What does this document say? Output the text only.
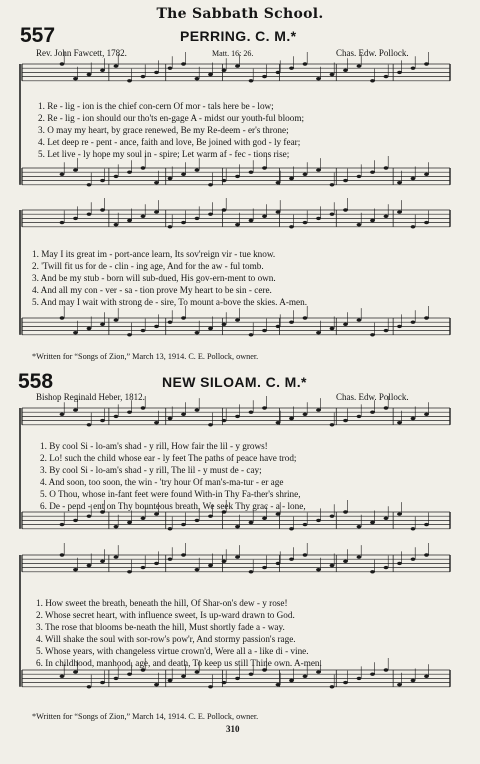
The Sabbath School.
557	PERRING. C. M.*
Rev. John Fawcett, 1782.	Matt. 16: 26.	Chas. Edw. Pollock.
1. Re - lig - ion is the chief con-cern Of mor - tals here be - low;
2. Re - lig - ion should our tho'ts en-gage A - midst our youth-ful bloom;
3. O may my heart, by grace renewed, Be my Re-deem - er's throne;
4. Let deep re - pent - ance, faith and love, Be joined with god - ly fear;
5. Let live - ly hope my soul in - spire; Let warm af - fec - tions rise;
1. May I its great im - port-ance learn, Its sov'reign vir - tue know.
2. 'Twill fit us for de - clin - ing age, And for the aw - ful tomb.
3. And be my stub - born will sub-dued, His gov-ern-ment to own.
4. And all my con - ver - sa - tion prove My heart to be sin - cere.
5. And may I wait with strong de - sire, To mount a-bove the skies. A-men.
*Written for “Songs of Zion,” March 13, 1914. C. E. Pollock, owner.
558	NEW SILOAM. C. M.*
Bishop Reginald Heber, 1812.	Chas. Edw. Pollock.
1. By cool Si - lo-am's shad - y rill, How fair the lil - y grows!
2. Lo! such the child whose ear - ly feet The paths of peace have trod;
3. By cool Si - lo-am's shad - y rill, The lil - y must de - cay;
4. And soon, too soon, the win - 'try hour Of man's-ma-tur - er age
5. O Thou, whose in-fant feet were found With-in Thy Fa-ther's shrine,
6. De - pend - ent on Thy bounteous breath, We seek Thy grac - a - lone,
1. How sweet the breath, beneath the hill, Of Shar-on's dew - y rose!
2. Whose secret heart, with influence sweet, Is up-ward drawn to God.
3. The rose that blooms be-neath the hill, Must shortly fade a - way.
4. Will shake the soul with sor-row's pow'r, And stormy passion's rage.
5. Whose years, with changeless virtue crown'd, Were all a - like di - vine.
6. In childhood, manhood, age, and death, To keep us still Thine own. A-men.
*Written for “Songs of Zion,” March 14, 1914. C. E. Pollock, owner.
310
